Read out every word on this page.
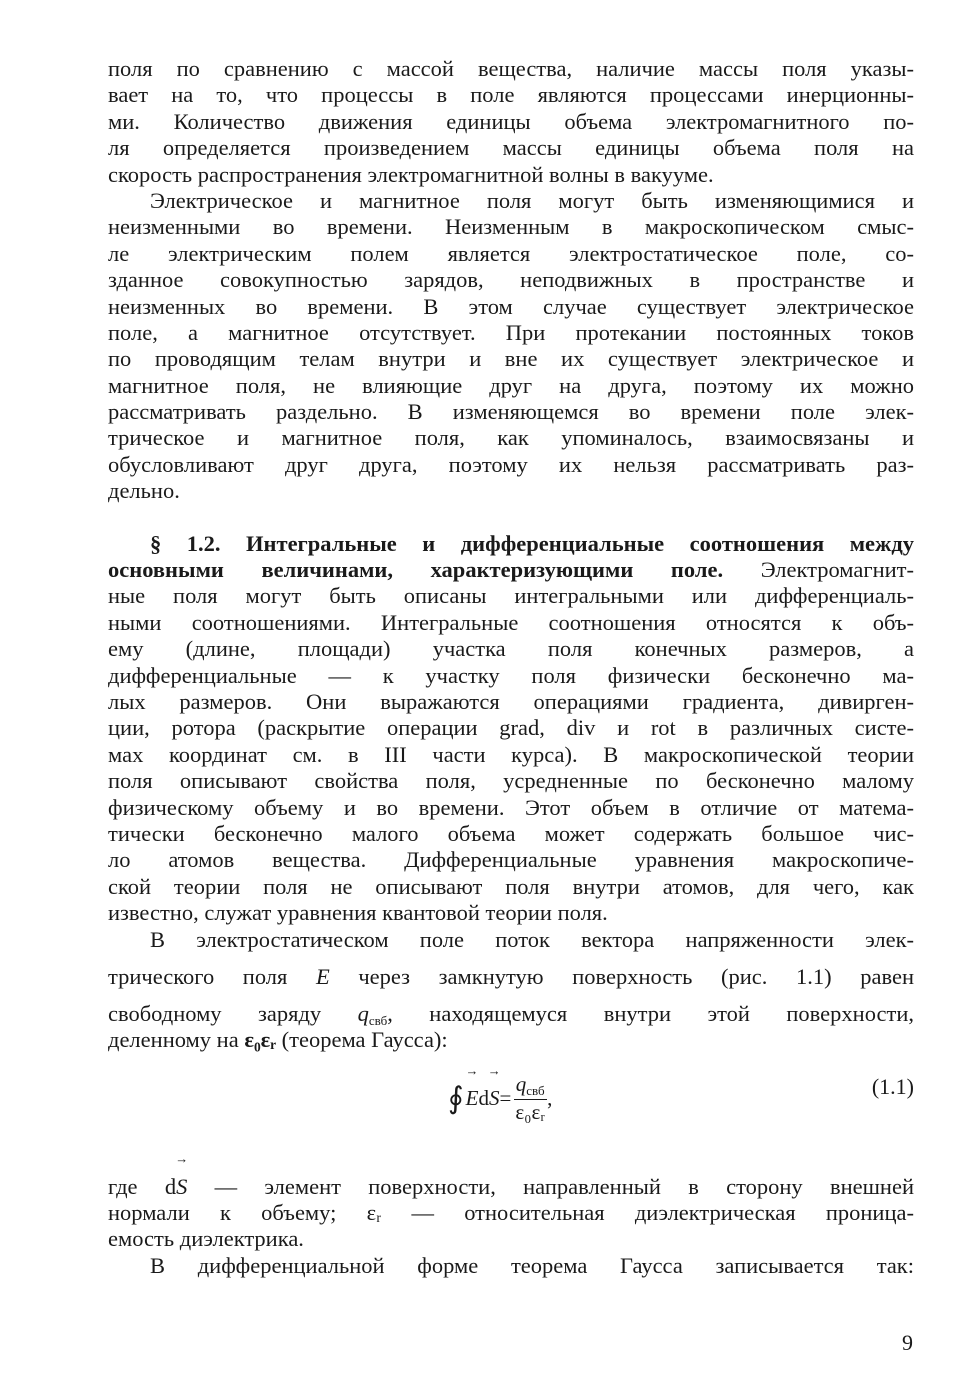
поля по сравнению с массой вещества, наличие массы поля указы-
вает на то, что процессы в поле являются процессами инерционны-
ми. Количество движения единицы объема электромагнитного по-
ля определяется произведением массы единицы объема поля на
скорость распространения электромагнитной волны в вакууме.
Электрическое и магнитное поля могут быть изменяющимися и
неизменными во времени. Неизменным в макроскопическом смыс-
ле электрическим полем является электростатическое поле, со-
зданное совокупностью зарядов, неподвижных в пространстве и
неизменных во времени. В этом случае существует электрическое
поле, а магнитное отсутствует. При протекании постоянных токов
по проводящим телам внутри и вне их существует электрическое и
магнитное поля, не влияющие друг на друга, поэтому их можно
рассматривать раздельно. В изменяющемся во времени поле элек-
трическое и магнитное поля, как упоминалось, взаимосвязаны и
обусловливают друг друга, поэтому их нельзя рассматривать раз-
дельно.
§ 1.2. Интегральные и дифференциальные соотношения между
основными величинами, характеризующими поле. Электромагнит-
ные поля могут быть описаны интегральными или дифференциаль-
ными соотношениями. Интегральные соотношения относятся к объ-
ему (длине, площади) участка поля конечных размеров, а
дифференциальные — к участку поля физически бесконечно ма-
лых размеров. Они выражаются операциями градиента, дивирген-
ции, ротора (раскрытие операции grad, div и rot в различных систе-
мах координат см. в III части курса). В макроскопической теории
поля описывают свойства поля, усредненные по бесконечно малому
физическому объему и во времени. Этот объем в отличие от матема-
тически бесконечно малого объема может содержать большое чис-
ло атомов вещества. Дифференциальные уравнения макроскопиче-
ской теории поля не описывают поля внутри атомов, для чего, как
известно, служат уравнения квантовой теории поля.
В электростатическом поле поток вектора напряженности элек-
трического поля → E через замкнутую поверхность (рис. 1.1) равен
свободному заряду $q_{свб}$, находящемуся внутри этой поверхности,
деленному на ε₀εᵣ (теорема Гаусса):
∮
→ E d
→ $S = \frac{q_{свб}}{\text{ε₀εᵣ}}$ ,	(1.1)
где d→ S — элемент поверхности, направленный в сторону внешней
нормали к объему; εᵣ — относительная диэлектрическая проница-
емость диэлектрика.
В дифференциальной форме теорема Гаусса записывается так:
9
